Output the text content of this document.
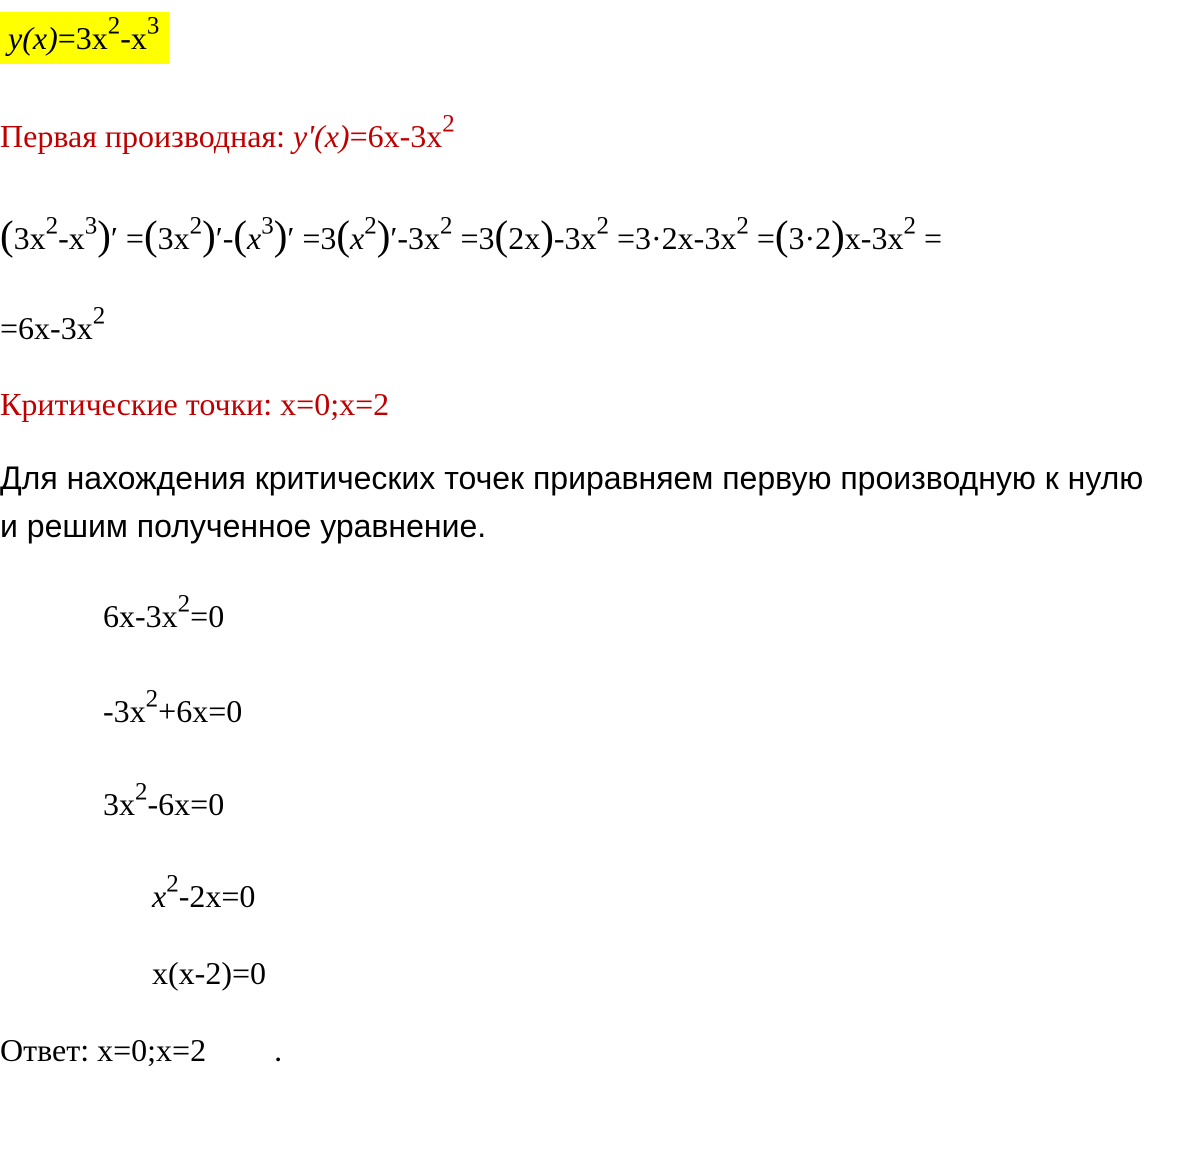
$y(x)=3x^2-x^3$
Первая производная: $y'(x)=6x-3x^2$
$(3x^2-x^3)' =(3x^2)'-(x^3)' =3(x^2)'-3x^2 =3(2x)-3x^2 =3\cdot 2x-3x^2 =(3\cdot 2)x-3x^2$ =
$=6x-3x^2$
Критические точки: x=0;x=2
Для нахождения критических точек приравняем первую производную к нулю
и решим полученное уравнение.
$6x-3x^2=0$
$-3x^2+6x=0$
$3x^2-6x=0$
$x^2-2x=0$
x(x-2)=0
Ответ: x=0;x=2 .
